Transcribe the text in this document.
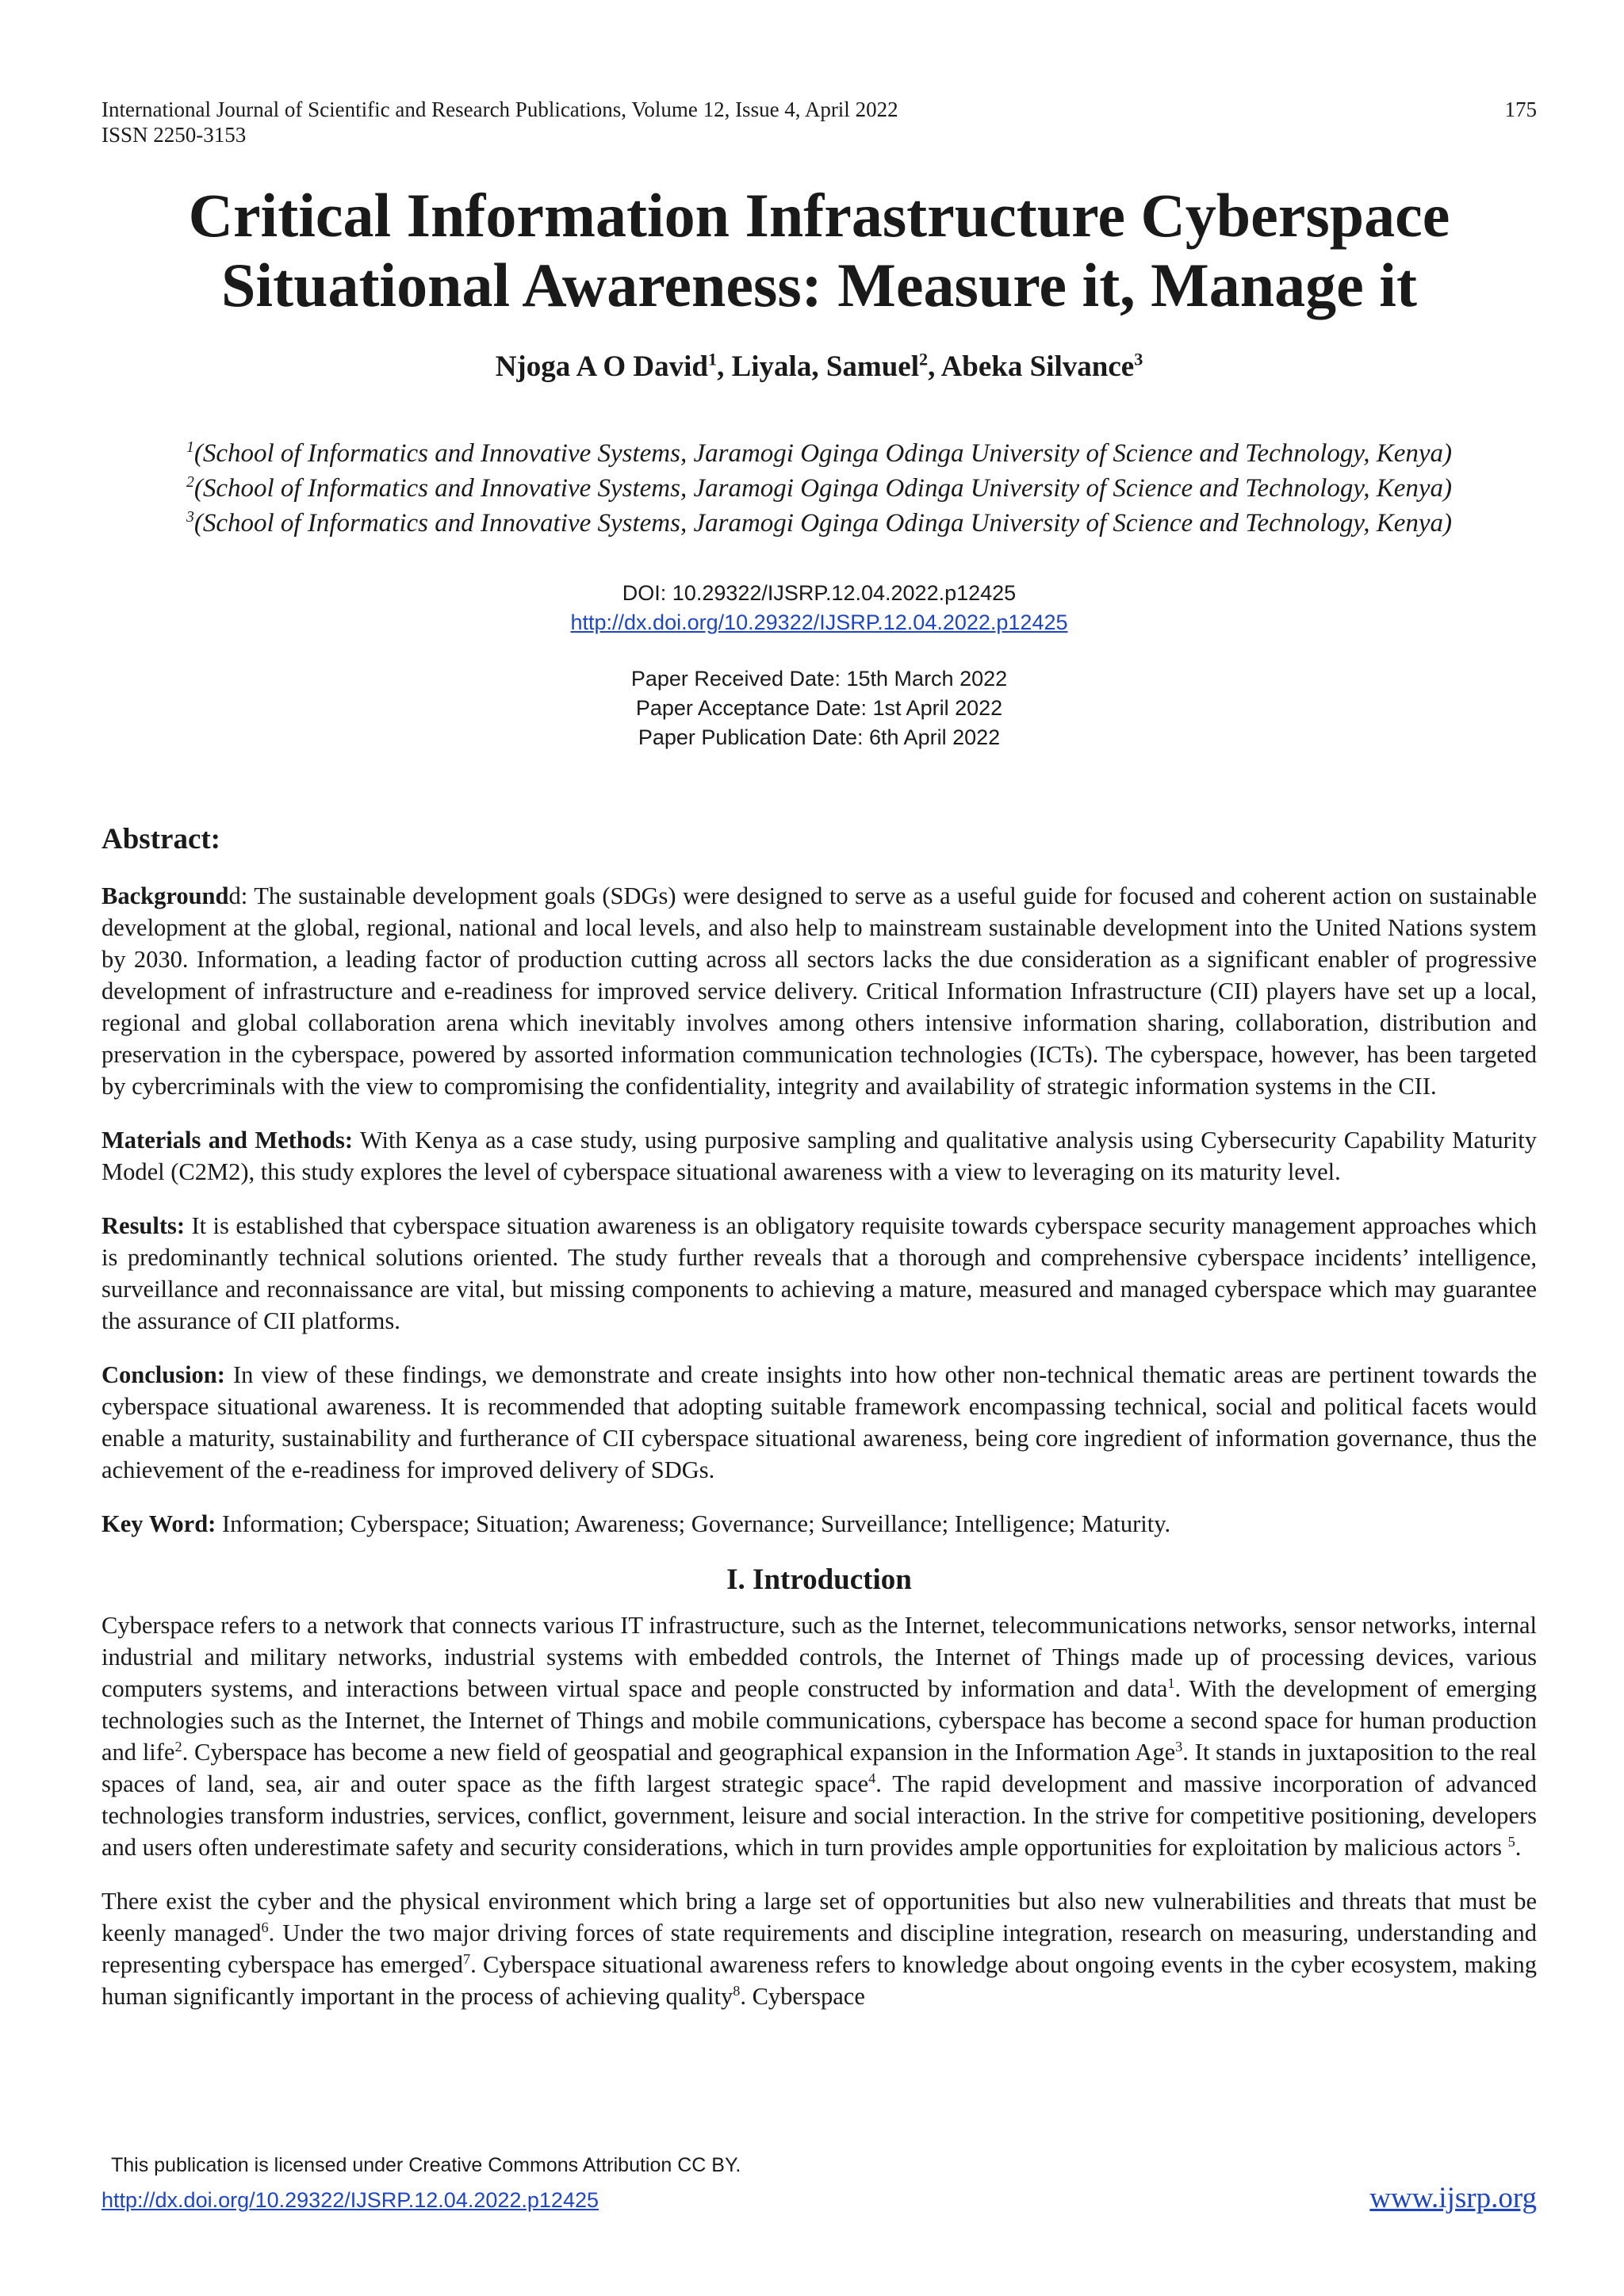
International Journal of Scientific and Research Publications, Volume 12, Issue 4, April 2022
ISSN 2250-3153
175
Critical Information Infrastructure Cyberspace
Situational Awareness: Measure it, Manage it
Njoga A O David$^1$, Liyala, Samuel$^2$, Abeka Silvance$^3$
$^1$(School of Informatics and Innovative Systems, Jaramogi Oginga Odinga University of Science and Technology, Kenya)
$^2$(School of Informatics and Innovative Systems, Jaramogi Oginga Odinga University of Science and Technology, Kenya)
$^3$(School of Informatics and Innovative Systems, Jaramogi Oginga Odinga University of Science and Technology, Kenya)
DOI: 10.29322/IJSRP.12.04.2022.p12425
http://dx.doi.org/10.29322/IJSRP.12.04.2022.p12425
Paper Received Date: 15th March 2022
Paper Acceptance Date: 1st April 2022
Paper Publication Date: 6th April 2022
Abstract:

Backgroundd: The sustainable development goals (SDGs) were designed to serve as a useful guide for focused and coherent action on sustainable development at the global, regional, national and local levels, and also help to mainstream sustainable development into the United Nations system by 2030. Information, a leading factor of production cutting across all sectors lacks the due consideration as a significant enabler of progressive development of infrastructure and e-readiness for improved service delivery. Critical Information Infrastructure (CII) players have set up a local, regional and global collaboration arena which inevitably involves among others intensive information sharing, collaboration, distribution and preservation in the cyberspace, powered by assorted information communication technologies (ICTs). The cyberspace, however, has been targeted by cybercriminals with the view to compromising the confidentiality, integrity and availability of strategic information systems in the CII.

Materials and Methods: With Kenya as a case study, using purposive sampling and qualitative analysis using Cybersecurity Capability Maturity Model (C2M2), this study explores the level of cyberspace situational awareness with a view to leveraging on its maturity level.

Results: It is established that cyberspace situation awareness is an obligatory requisite towards cyberspace security management approaches which is predominantly technical solutions oriented. The study further reveals that a thorough and comprehensive cyberspace incidents’ intelligence, surveillance and reconnaissance are vital, but missing components to achieving a mature, measured and managed cyberspace which may guarantee the assurance of CII platforms.

Conclusion: In view of these findings, we demonstrate and create insights into how other non-technical thematic areas are pertinent towards the cyberspace situational awareness. It is recommended that adopting suitable framework encompassing technical, social and political facets would enable a maturity, sustainability and furtherance of CII cyberspace situational awareness, being core ingredient of information governance, thus the achievement of the e-readiness for improved delivery of SDGs.

Key Word: Information; Cyberspace; Situation; Awareness; Governance; Surveillance; Intelligence; Maturity.

I. Introduction

Cyberspace refers to a network that connects various IT infrastructure, such as the Internet, telecommunications networks, sensor networks, internal industrial and military networks, industrial systems with embedded controls, the Internet of Things made up of processing devices, various computers systems, and interactions between virtual space and people constructed by information and data$^1$. With the development of emerging technologies such as the Internet, the Internet of Things and mobile communications, cyberspace has become a second space for human production and life$^2$. Cyberspace has become a new field of geospatial and geographical expansion in the Information Age$^3$. It stands in juxtaposition to the real spaces of land, sea, air and outer space as the fifth largest strategic space$^4$. The rapid development and massive incorporation of advanced technologies transform industries, services, conflict, government, leisure and social interaction. In the strive for competitive positioning, developers and users often underestimate safety and security considerations, which in turn provides ample opportunities for exploitation by malicious actors $^5$.

There exist the cyber and the physical environment which bring a large set of opportunities but also new vulnerabilities and threats that must be keenly managed$^6$. Under the two major driving forces of state requirements and discipline integration, research on measuring, understanding and representing cyberspace has emerged$^7$. Cyberspace situational awareness refers to knowledge about ongoing events in the cyber ecosystem, making human significantly important in the process of achieving quality$^8$. Cyberspace

This publication is licensed under Creative Commons Attribution CC BY.
http://dx.doi.org/10.29322/IJSRP.12.04.2022.p12425	www.ijsrp.org
